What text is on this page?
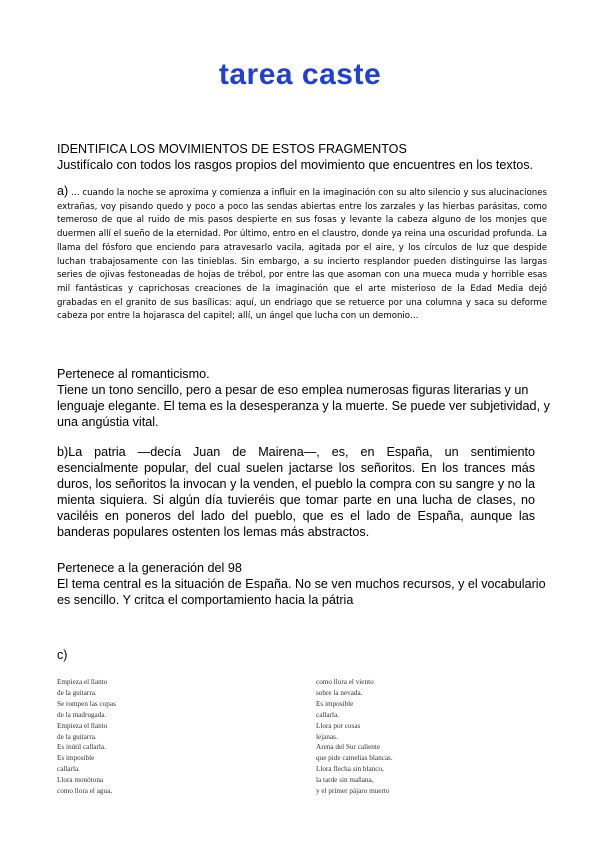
tarea caste
IDENTIFICA LOS MOVIMIENTOS DE ESTOS FRAGMENTOS
Justifícalo con todos los rasgos propios del movimiento que encuentres en los textos.
a) … cuando la noche se aproxima y comienza a influir en la imaginación con su alto silencio y sus alucinaciones extrañas, voy pisando quedo y poco a poco las sendas abiertas entre los zarzales y las hierbas parásitas, como temeroso de que al ruido de mis pasos despierte en sus fosas y levante la cabeza alguno de los monjes que duermen allí el sueño de la eternidad. Por último, entro en el claustro, donde ya reina una oscuridad profunda. La llama del fósforo que enciendo para atravesarlo vacila, agitada por el aire, y los círculos de luz que despide luchan trabajosamente con las tinieblas. Sin embargo, a su incierto resplandor pueden distinguirse las largas series de ojivas festoneadas de hojas de trébol, por entre las que asoman con una mueca muda y horrible esas mil fantásticas y caprichosas creaciones de la imaginación que el arte misterioso de la Edad Media dejó grabadas en el granito de sus basílicas: aquí, un endriago que se retuerce por una columna y saca su deforme cabeza por entre la hojarasca del capitel; allí, un ángel que lucha con un demonio…
Pertenece al romanticismo.
Tiene un tono sencillo, pero a pesar de eso emplea numerosas figuras literarias y un lenguaje elegante. El tema es la desesperanza y la muerte. Se puede ver subjetividad, y una angústia vital.
b)La patria —decía Juan de Mairena—, es, en España, un sentimiento esencialmente popular, del cual suelen jactarse los señoritos. En los trances más duros, los señoritos la invocan y la venden, el pueblo la compra con su sangre y no la mienta siquiera. Si algún día tuvieréis que tomar parte en una lucha de clases, no vaciléis en poneros del lado del pueblo, que es el lado de España, aunque las banderas populares ostenten los lemas más abstractos.
Pertenece a la generación del 98
El tema central es la situación de España. No se ven muchos recursos, y el vocabulario es sencillo. Y critca el comportamiento hacia la pátria
c)
Empieza el llanto
de la guitarra.
Se rompen las copas
de la madrugada.
Empieza el llanto
de la guitarra.
Es inútil callarla.
Es imposible
callarla.
Llora monótona
como llora el agua,
como llora el viento
sobre la nevada.
Es imposible
callarla.
Llora por cosas
lejanas.
Arena del Sur caliente
que pide camelias blancas.
Llora flecha sin blanco,
la tarde sin mañana,
y el primer pájaro muerto
